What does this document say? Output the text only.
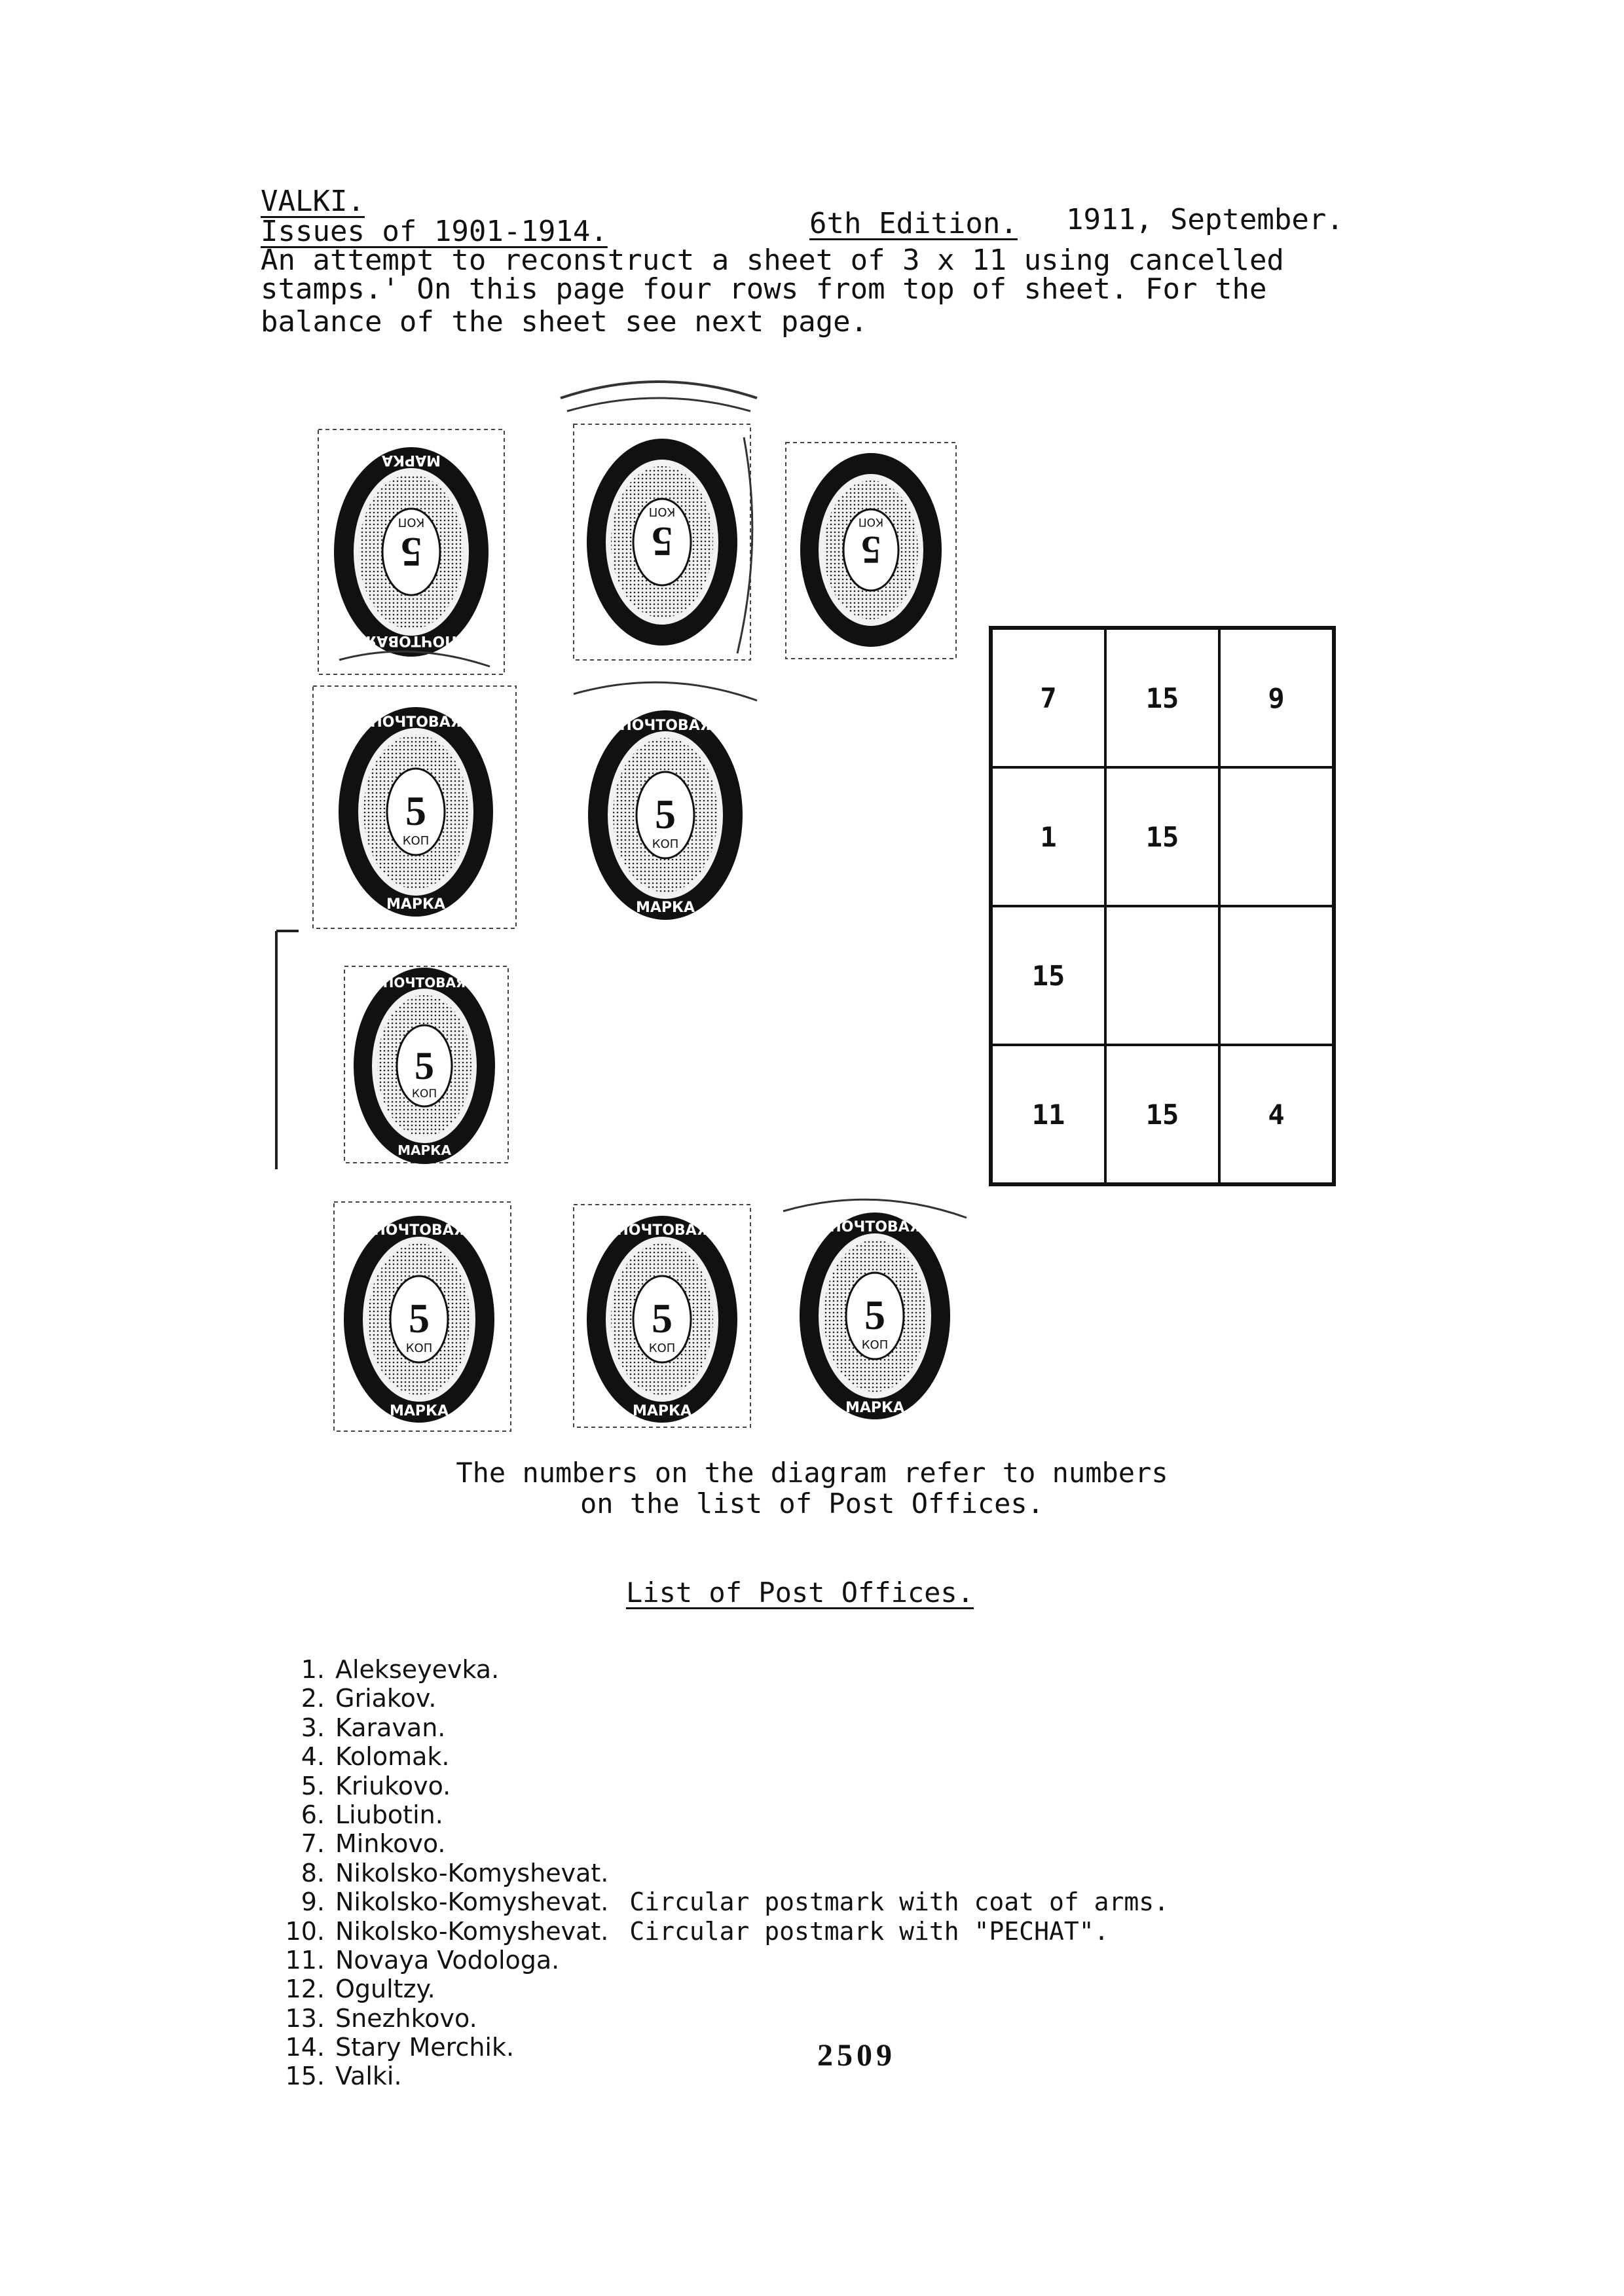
VALKI.
Issues of 1901-1914.	6th Edition. 1911, September.
An attempt to reconstruct a sheet of 3 x 11 using cancelled
stamps.' On this page four rows from top of sheet. For the
balance of the sheet see next page.
5
КОП
ПОЧТОВАЯ
МАРКА
5
КОП
5
КОП
5
КОП
ПОЧТОВАЯ
МАРКА
5
КОП
ПОЧТОВАЯ
МАРКА
5
КОП
ПОЧТОВАЯ
МАРКА
5
КОП
ПОЧТОВАЯ
МАРКА
5
КОП
ПОЧТОВАЯ
МАРКА
5
КОП
ПОЧТОВАЯ
МАРКА
7	15	9
1	15
15
11	15	4
The numbers on the diagram refer to numbers
on the list of Post Offices.
List of Post Offices.
1. Alekseyevka.
2. Griakov.
3. Karavan.
4. Kolomak.
5. Kriukovo.
6. Liubotin.
7. Minkovo.
8. Nikolsko-Komyshevat.
9. Nikolsko-Komyshevat. Circular postmark with coat of arms.
10. Nikolsko-Komyshevat. Circular postmark with "PECHAT".
11. Novaya Vodologa.
12. Ogultzy.
13. Snezhkovo.
14. Stary Merchik.
15. Valki.
2509
